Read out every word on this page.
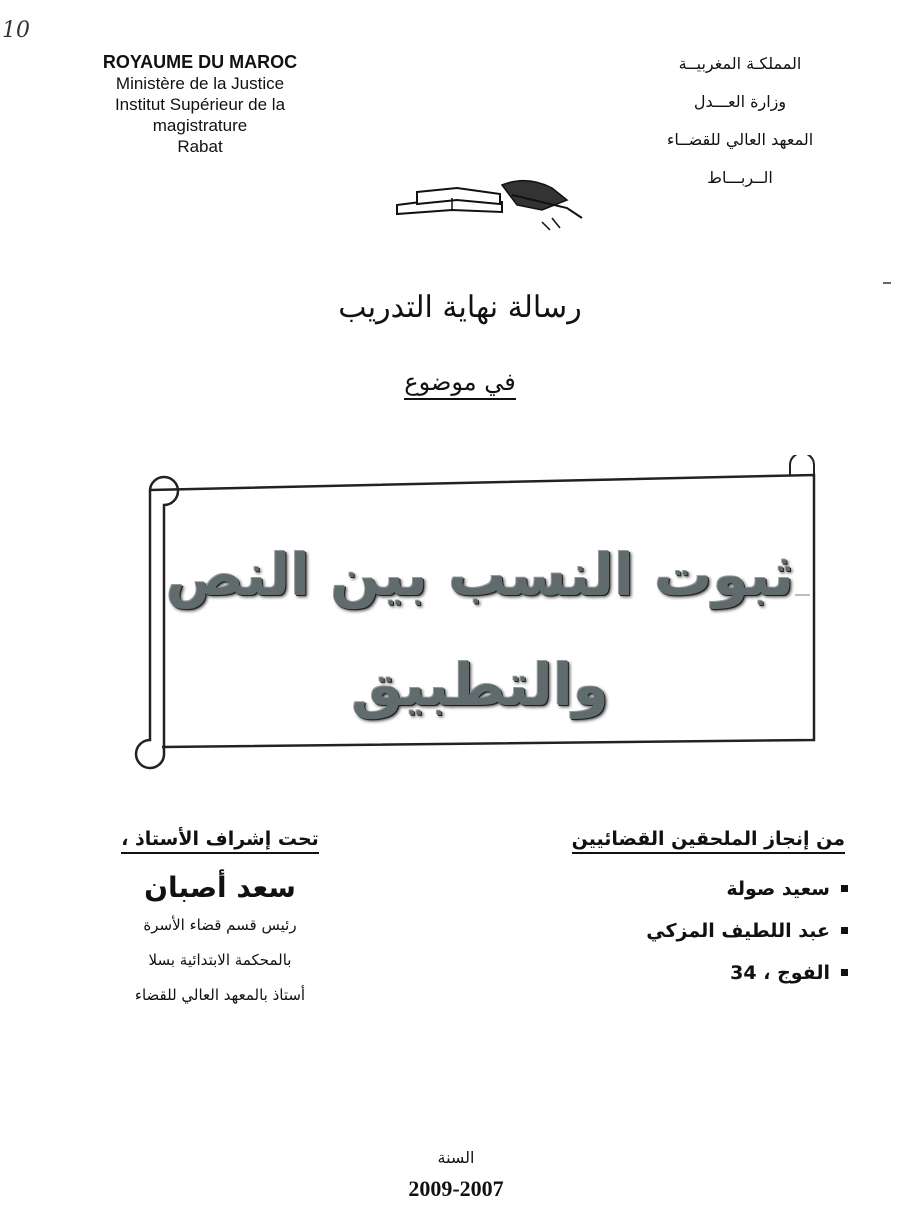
10
ROYAUME DU MAROC
Ministère de la Justice
Institut Supérieur de la
magistrature
Rabat
المملكـة المغربيــة
وزارة العـــدل
المعهد العالي للقضــاء
الــربـــاط
رسالة نهاية التدريب
في موضوع
ثبوت النسب بين النص
والتطبيق
من إنجاز الملحقين القضائيين
سعيد صولة
عبد اللطيف المزكي
الفوج ، 34
تحت إشراف الأستاذ ،
سعد أصبان
رئيس قسم قضاء الأسرة
بالمحكمة الابتدائية بسلا
أستاذ بالمعهد العالي للقضاء
السنة
2009-2007
